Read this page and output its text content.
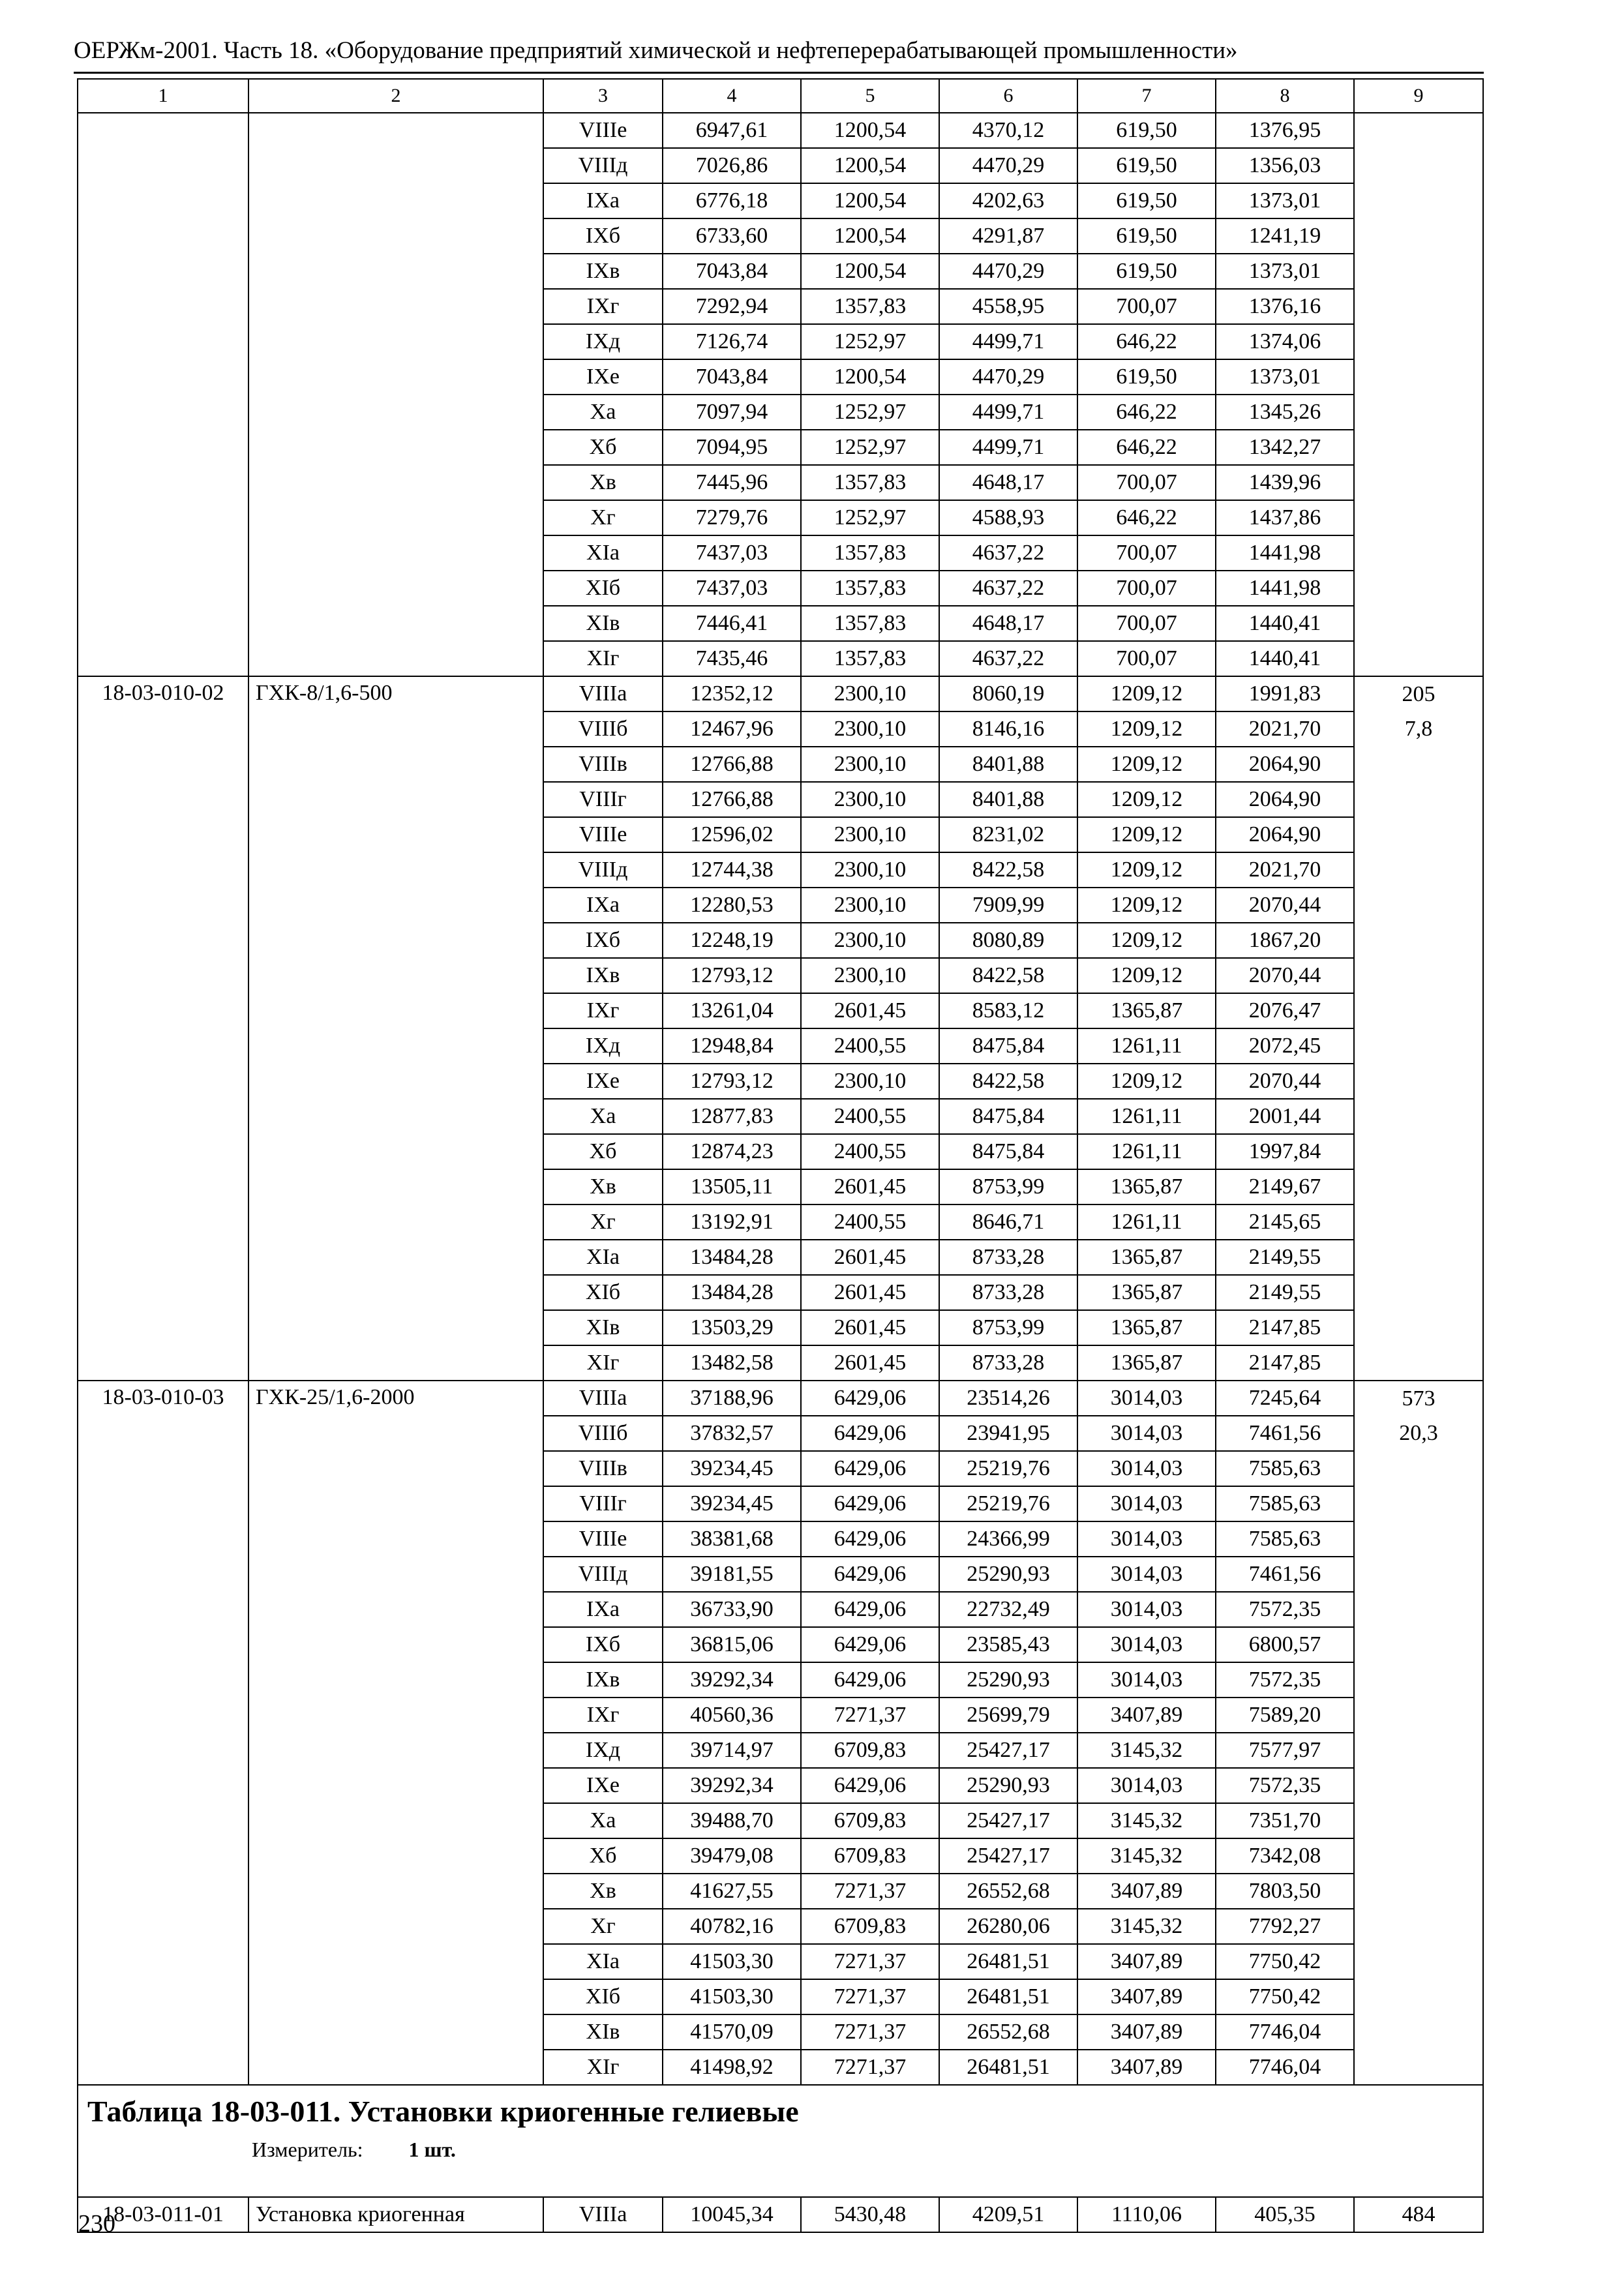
ОЕРЖм-2001. Часть 18. «Оборудование предприятий химической и нефтеперерабатывающей промышленности»
1	2	3	4	5	6	7	8	9
		VIIIе	6947,61	1200,54	4370,12	619,50	1376,95	
		VIIIд	7026,86	1200,54	4470,29	619,50	1356,03	
		IXа	6776,18	1200,54	4202,63	619,50	1373,01	
		IXб	6733,60	1200,54	4291,87	619,50	1241,19	
		IXв	7043,84	1200,54	4470,29	619,50	1373,01	
		IXг	7292,94	1357,83	4558,95	700,07	1376,16	
		IXд	7126,74	1252,97	4499,71	646,22	1374,06	
		IXе	7043,84	1200,54	4470,29	619,50	1373,01	
		Xа	7097,94	1252,97	4499,71	646,22	1345,26	
		Xб	7094,95	1252,97	4499,71	646,22	1342,27	
		Xв	7445,96	1357,83	4648,17	700,07	1439,96	
		Xг	7279,76	1252,97	4588,93	646,22	1437,86	
		XIа	7437,03	1357,83	4637,22	700,07	1441,98	
		XIб	7437,03	1357,83	4637,22	700,07	1441,98	
		XIв	7446,41	1357,83	4648,17	700,07	1440,41	
		XIг	7435,46	1357,83	4637,22	700,07	1440,41	
18-03-010-02	ГХК-8/1,6-500	VIIIа	12352,12	2300,10	8060,19	1209,12	1991,83	205
		VIIIб	12467,96	2300,10	8146,16	1209,12	2021,70	7,8
		VIIIв	12766,88	2300,10	8401,88	1209,12	2064,90	
		VIIIг	12766,88	2300,10	8401,88	1209,12	2064,90	
		VIIIе	12596,02	2300,10	8231,02	1209,12	2064,90	
		VIIIд	12744,38	2300,10	8422,58	1209,12	2021,70	
		IXа	12280,53	2300,10	7909,99	1209,12	2070,44	
		IXб	12248,19	2300,10	8080,89	1209,12	1867,20	
		IXв	12793,12	2300,10	8422,58	1209,12	2070,44	
		IXг	13261,04	2601,45	8583,12	1365,87	2076,47	
		IXд	12948,84	2400,55	8475,84	1261,11	2072,45	
		IXе	12793,12	2300,10	8422,58	1209,12	2070,44	
		Xа	12877,83	2400,55	8475,84	1261,11	2001,44	
		Xб	12874,23	2400,55	8475,84	1261,11	1997,84	
		Xв	13505,11	2601,45	8753,99	1365,87	2149,67	
		Xг	13192,91	2400,55	8646,71	1261,11	2145,65	
		XIа	13484,28	2601,45	8733,28	1365,87	2149,55	
		XIб	13484,28	2601,45	8733,28	1365,87	2149,55	
		XIв	13503,29	2601,45	8753,99	1365,87	2147,85	
		XIг	13482,58	2601,45	8733,28	1365,87	2147,85	
18-03-010-03	ГХК-25/1,6-2000	VIIIа	37188,96	6429,06	23514,26	3014,03	7245,64	573
		VIIIб	37832,57	6429,06	23941,95	3014,03	7461,56	20,3
		VIIIв	39234,45	6429,06	25219,76	3014,03	7585,63	
		VIIIг	39234,45	6429,06	25219,76	3014,03	7585,63	
		VIIIе	38381,68	6429,06	24366,99	3014,03	7585,63	
		VIIIд	39181,55	6429,06	25290,93	3014,03	7461,56	
		IXа	36733,90	6429,06	22732,49	3014,03	7572,35	
		IXб	36815,06	6429,06	23585,43	3014,03	6800,57	
		IXв	39292,34	6429,06	25290,93	3014,03	7572,35	
		IXг	40560,36	7271,37	25699,79	3407,89	7589,20	
		IXд	39714,97	6709,83	25427,17	3145,32	7577,97	
		IXе	39292,34	6429,06	25290,93	3014,03	7572,35	
		Xа	39488,70	6709,83	25427,17	3145,32	7351,70	
		Xб	39479,08	6709,83	25427,17	3145,32	7342,08	
		Xв	41627,55	7271,37	26552,68	3407,89	7803,50	
		Xг	40782,16	6709,83	26280,06	3145,32	7792,27	
		XIа	41503,30	7271,37	26481,51	3407,89	7750,42	
		XIб	41503,30	7271,37	26481,51	3407,89	7750,42	
		XIв	41570,09	7271,37	26552,68	3407,89	7746,04	
		XIг	41498,92	7271,37	26481,51	3407,89	7746,04	

Таблица 18-03-011. Установки криогенные гелиевые
Измеритель: 1 шт.								

18-03-011-01	Установка криогенная	VIIIа	10045,34	5430,48	4209,51	1110,06	405,35	484
230
